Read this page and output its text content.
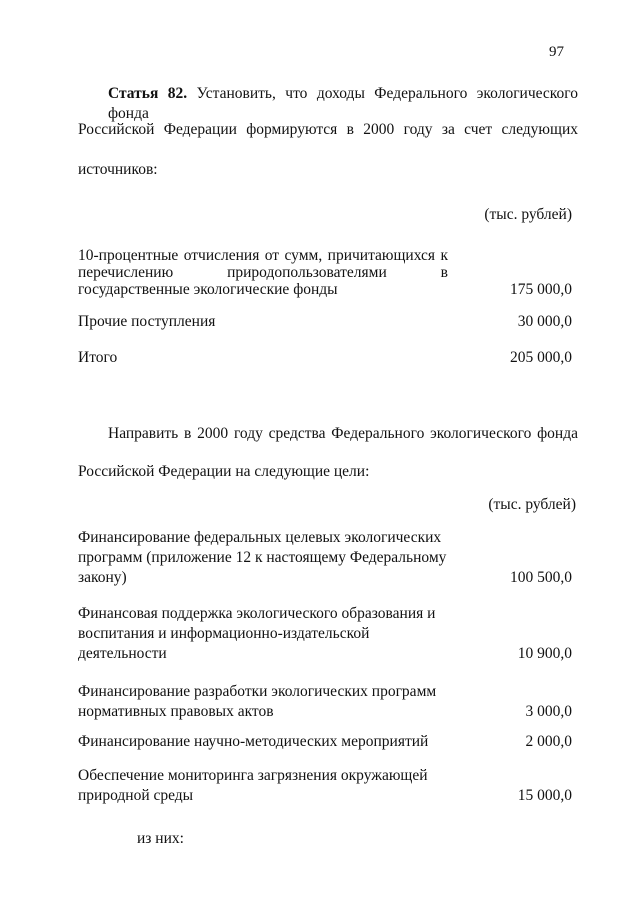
97
Статья 82. Установить, что доходы Федерального экологического фонда
Российской Федерации формируются в 2000 году за счет следующих
источников:
(тыс. рублей)
10-процентные отчисления от сумм, причитающихся к
перечислению природопользователями в
государственные экологические фонды	175 000,0
Прочие поступления	30 000,0
Итого	205 000,0
Направить в 2000 году средства Федерального экологического фонда
Российской Федерации на следующие цели:
(тыс. рублей)
Финансирование федеральных целевых экологических
программ (приложение 12 к настоящему Федеральному
закону)	100 500,0
Финансовая поддержка экологического образования и
воспитания и информационно-издательской
деятельности	10 900,0
Финансирование разработки экологических программ
нормативных правовых актов	3 000,0
Финансирование научно-методических мероприятий	2 000,0
Обеспечение мониторинга загрязнения окружающей
природной среды	15 000,0
из них:
